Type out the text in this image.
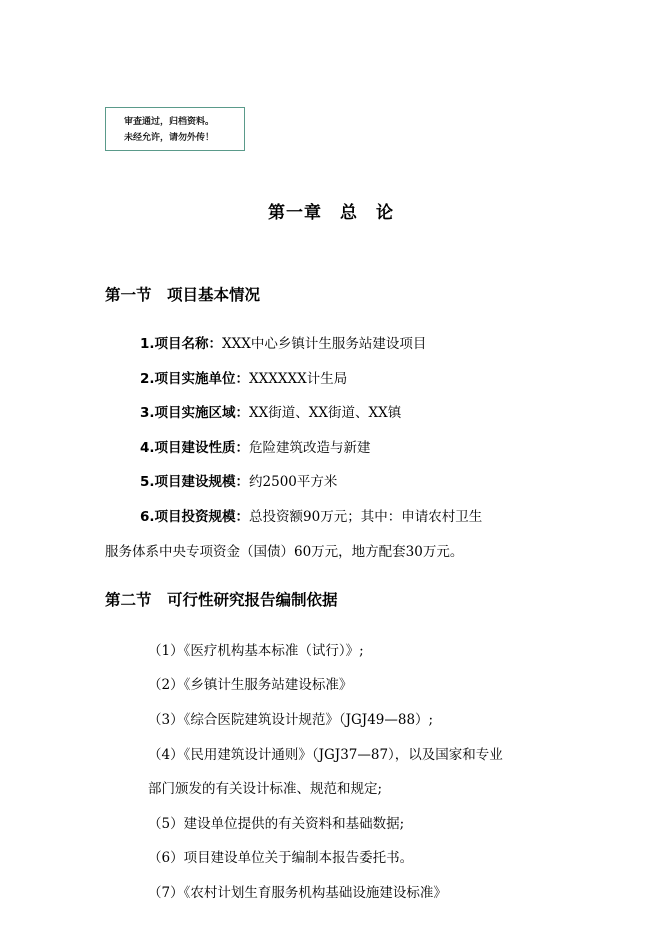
审查通过，归档资料。
未经允许，请勿外传！
第一章　总　论
第一节　项目基本情况
1.项目名称：XXX中心乡镇计生服务站建设项目
2.项目实施单位：XXXXXX计生局
3.项目实施区域：XX街道、XX街道、XX镇
4.项目建设性质：危险建筑改造与新建
5.项目建设规模：约2500平方米
6.项目投资规模：总投资额90万元；其中：申请农村卫生
服务体系中央专项资金（国债）60万元，地方配套30万元。
第二节　可行性研究报告编制依据
（1）《医疗机构基本标准（试行）》;
（2）《乡镇计生服务站建设标准》
（3）《综合医院建筑设计规范》（JGJ49—88）;
（4）《民用建筑设计通则》（JGJ37—87），以及国家和专业
部门颁发的有关设计标准、规范和规定;
（5）建设单位提供的有关资料和基础数据;
（6）项目建设单位关于编制本报告委托书。
（7）《农村计划生育服务机构基础设施建设标准》
